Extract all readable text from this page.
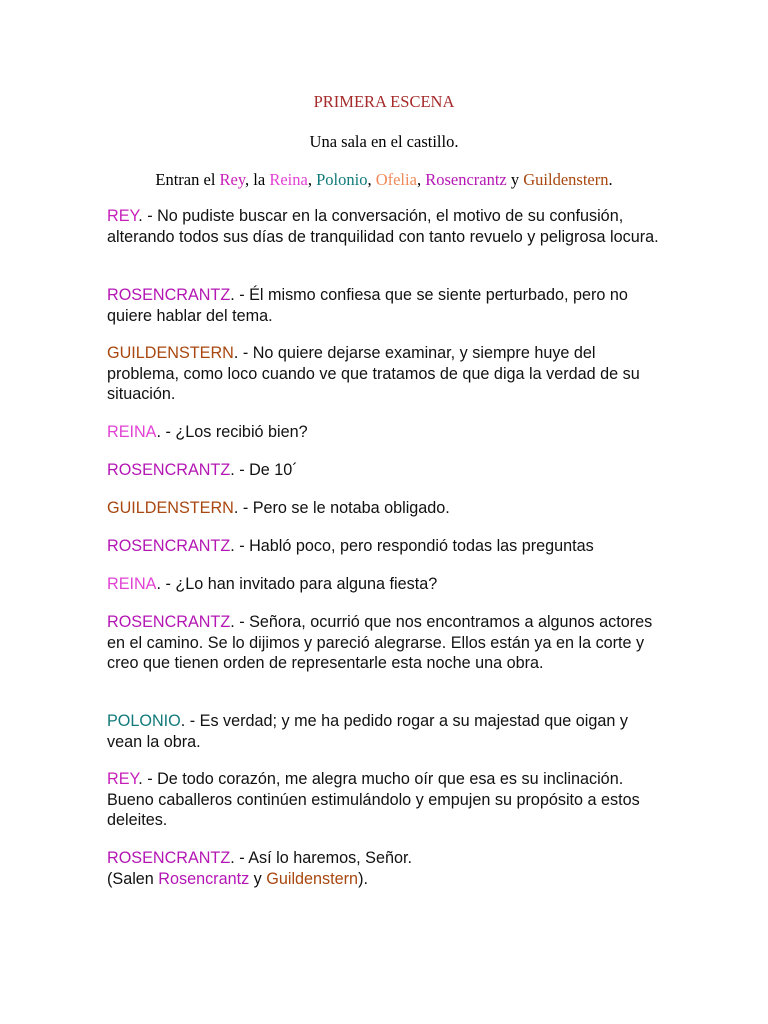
PRIMERA ESCENA
Una sala en el castillo.
Entran el Rey, la Reina, Polonio, Ofelia, Rosencrantz y Guildenstern.

REY. - No pudiste buscar en la conversación, el motivo de su confusión, alterando todos sus días de tranquilidad con tanto revuelo y peligrosa locura.

ROSENCRANTZ. - Él mismo confiesa que se siente perturbado, pero no quiere hablar del tema.

GUILDENSTERN. - No quiere dejarse examinar, y siempre huye del problema, como loco cuando ve que tratamos de que diga la verdad de su situación.

REINA. - ¿Los recibió bien?

ROSENCRANTZ. - De 10´

GUILDENSTERN. - Pero se le notaba obligado.

ROSENCRANTZ. - Habló poco, pero respondió todas las preguntas

REINA. - ¿Lo han invitado para alguna fiesta?

ROSENCRANTZ. - Señora, ocurrió que nos encontramos a algunos actores en el camino. Se lo dijimos y pareció alegrarse. Ellos están ya en la corte y creo que tienen orden de representarle esta noche una obra.

POLONIO. - Es verdad; y me ha pedido rogar a su majestad que oigan y vean la obra.

REY. - De todo corazón, me alegra mucho oír que esa es su inclinación. Bueno caballeros continúen estimulándolo y empujen su propósito a estos deleites.

ROSENCRANTZ. - Así lo haremos, Señor.
(Salen Rosencrantz y Guildenstern).
